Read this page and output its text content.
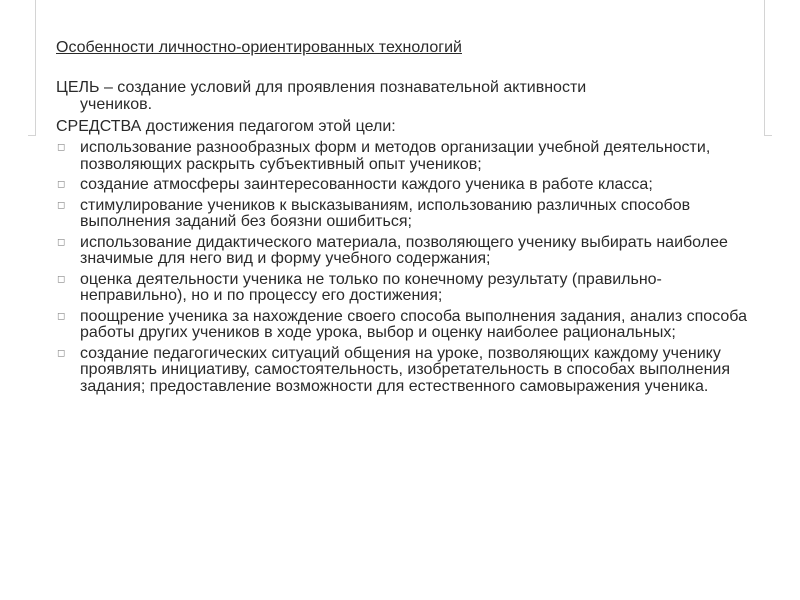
Особенности личностно-ориентированных технологий
ЦЕЛЬ – создание условий для проявления познавательной активности
учеников.
СРЕДСТВА достижения педагогом этой цели:
◻ использование разнообразных форм и методов организации учебной деятельности, позволяющих раскрыть субъективный опыт учеников;
◻ создание атмосферы заинтересованности каждого ученика в работе класса;
◻ стимулирование учеников к высказываниям, использованию различных способов выполнения заданий без боязни ошибиться;
◻ использование дидактического материала, позволяющего ученику выбирать наиболее значимые для него вид и форму учебного содержания;
◻ оценка деятельности ученика не только по конечному результату (правильно-неправильно), но и по процессу его достижения;
◻ поощрение ученика за нахождение своего способа выполнения задания, анализ способа работы других учеников в ходе урока, выбор и оценку наиболее рациональных;
◻ создание педагогических ситуаций общения на уроке, позволяющих каждому ученику проявлять инициативу, самостоятельность, изобретательность в способах выполнения задания; предоставление возможности для естественного самовыражения ученика.
